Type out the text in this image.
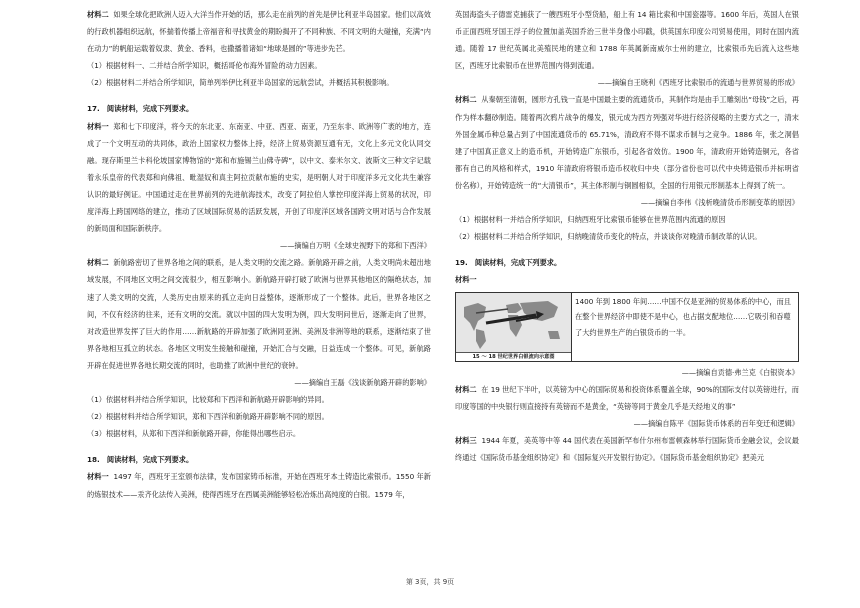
材料二 如果全球化把欧洲人迈入大洋当作开始的话，那么走在前列的首先是伊比利亚半岛国家。他们以高效的行政机器组织远航，怀揣着传播上帝福音和寻找黄金的期盼揭开了不同种族、不同文明的大碰撞，充满“内在动力”的帆船运载着奴隶、黄金、香料，也撒播着诸如“地球是圆的”等进步先芒。

（1）根据材料一、二并结合所学知识，概括哥伦布海外冒险的动力因素。

（2）根据材料二并结合所学知识，简单列举伊比利亚半岛国家的远航尝试，并概括其积极影响。

17.　阅读材料，完成下列要求。

材料一 郑和七下印度洋，将今天的东北亚、东南亚、中亚、西亚、南亚，乃至东非、欧洲等广袤的地方，连成了一个文明互动的共同体，政治上国家权力整体上持，经济上贸易资源互通有无，文化上多元文化认同交融。现存斯里兰卡科伦坡国家博物馆的“郑和布施锡兰山佛寺碑”，以中文、泰米尔文、波斯文三种文字记载着永乐皇帝的代表郑和向佛祖、毗湿奴和真主阿拉贡献布施的史实，是明朝人对于印度洋多元文化共生兼容认识的最好例证。中国通过走在世界前列的先进航海技术，改变了阿拉伯人掌控印度洋海上贸易的状况，印度洋海上跨国网络的建立，推动了区域国际贸易的活跃发展，开创了印度洋区域各国跨文明对话与合作发展的新局面和国际新秩序。

——摘编自万明《全球史视野下的郑和下西洋》

材料二 新航路密切了世界各地之间的联系，是人类文明的交流之路。新航路开辟之前，人类文明尚未超出地域发展，不同地区文明之间交流很少，相互影响小。新航路开辟打破了欧洲与世界其他地区的隔绝状态，加速了人类文明的交流，人类历史由原来的孤立走向日益整体，逐渐形成了一个整体。此后，世界各地区之间，不仅有经济的往来，还有文明的交流。就以中国的四大发明为例，四大发明问世后，逐渐走向了世界，对改造世界发挥了巨大的作用……新航路的开辟加强了欧洲同亚洲、美洲及非洲等地的联系，逐渐结束了世界各地相互孤立的状态。各地区文明发生接触和碰撞，开始汇合与交融，日益连成一个整体。可见，新航路开辟在促进世界各地长期交流的同时，也助推了欧洲中世纪的衰钟。

——摘编自王磊《浅谈新航路开辟的影响》

（1）依据材料并结合所学知识，比较郑和下西洋和新航路开辟影响的异同。

（2）根据材料并结合所学知识，郑和下西洋和新航路开辟影响不同的原因。

（3）根据材料，从郑和下西洋和新航路开辟，你能得出哪些启示。

18.　阅读材料，完成下列要求。

材料一 1497 年，西班牙王室颁布法律，发布国家铸币标准，开始在西班牙本土铸造比索银币。1550 年新的炼银技术——汞齐化法传入美洲，使得西班牙在西属美洲能够轻松冶炼出高纯度的白银。1579 年，

英国海盗头子德雷克捕获了一艘西班牙小型货船，船上有 14 箱比索和中国瓷器等。1600 年后，英国人在银币正面西班牙国王浮子的位置加盖英国乔治三世半身像小印戳，供英国东印度公司贸易使用，同时在国内流通。随着 17 世纪英属北美殖民地的建立和 1788 年英属新南威尔士州的建立，比索银币先后流入这些地区，西班牙比索银币在世界范围内得到流通。

——摘编自王晓利《西班牙比索银币的流通与世界贸易的形成》

材料二 从秦朝至清朝，圆形方孔钱一直是中国最主要的流通货币，其制作均是由手工雕刻出“母钱”之后，再作为样本翻砂制造。随着两次鸦片战争的爆发，银元成为西方列强对华进行经济侵略的主要方式之一，清末外国金属币种总量占到了中国流通货币的 65.71%，清政府不得不谋求币制与之竞争。1886 年，张之洞倡建了中国真正意义上的造币机，开始铸造广东银币，引起各省效仿。1900 年，清政府开始铸造铜元，各省都有自己的风格和样式，1910 年清政府将银币造币权收归中央（部分省份也可以代中央铸造银币并标明省份名称），开始铸造统一的“大清银币”，其主体形制与铜圆相似，全国的行用银元形制基本上得到了统一。

——摘编自李伟《浅析晚清货币形制变革的原因》

（1）根据材料一并结合所学知识，归纳西班牙比索银币能够在世界范围内流通的原因

（2）根据材料二并结合所学知识，归纳晚清货币变化的特点，并谈谈你对晚清币制改革的认识。

19.　阅读材料，完成下列要求。

材料一

15 ～ 18 世纪世界白银流向示意图
1400 年到 1800 年间……中国不仅是亚洲的贸易体系的中心，而且在整个世界经济中即使不是中心，也占据支配地位……它吸引和吞噬了大约世界生产的白银货币的一半。

——摘编自贡德·弗兰克《白银资本》

材料二 在 19 世纪下半叶，以英镑为中心的国际贸易和投资体系覆盖全球，90%的国际支付以英镑进行，而印度等国的中央银行则直接持有英镑而不是黄金，“英镑等同于黄金几乎是天经地义的事”

——摘编自陈平《国际货币体系的百年变迁和逻辑》

材料三 1944 年夏，美英等中等 44 国代表在美国新罕布什尔州布雷顿森林举行国际货币金融会议，会议最终通过《国际货币基金组织协定》和《国际复兴开发银行协定》。《国际货币基金组织协定》把美元

第 3页，共 9页
